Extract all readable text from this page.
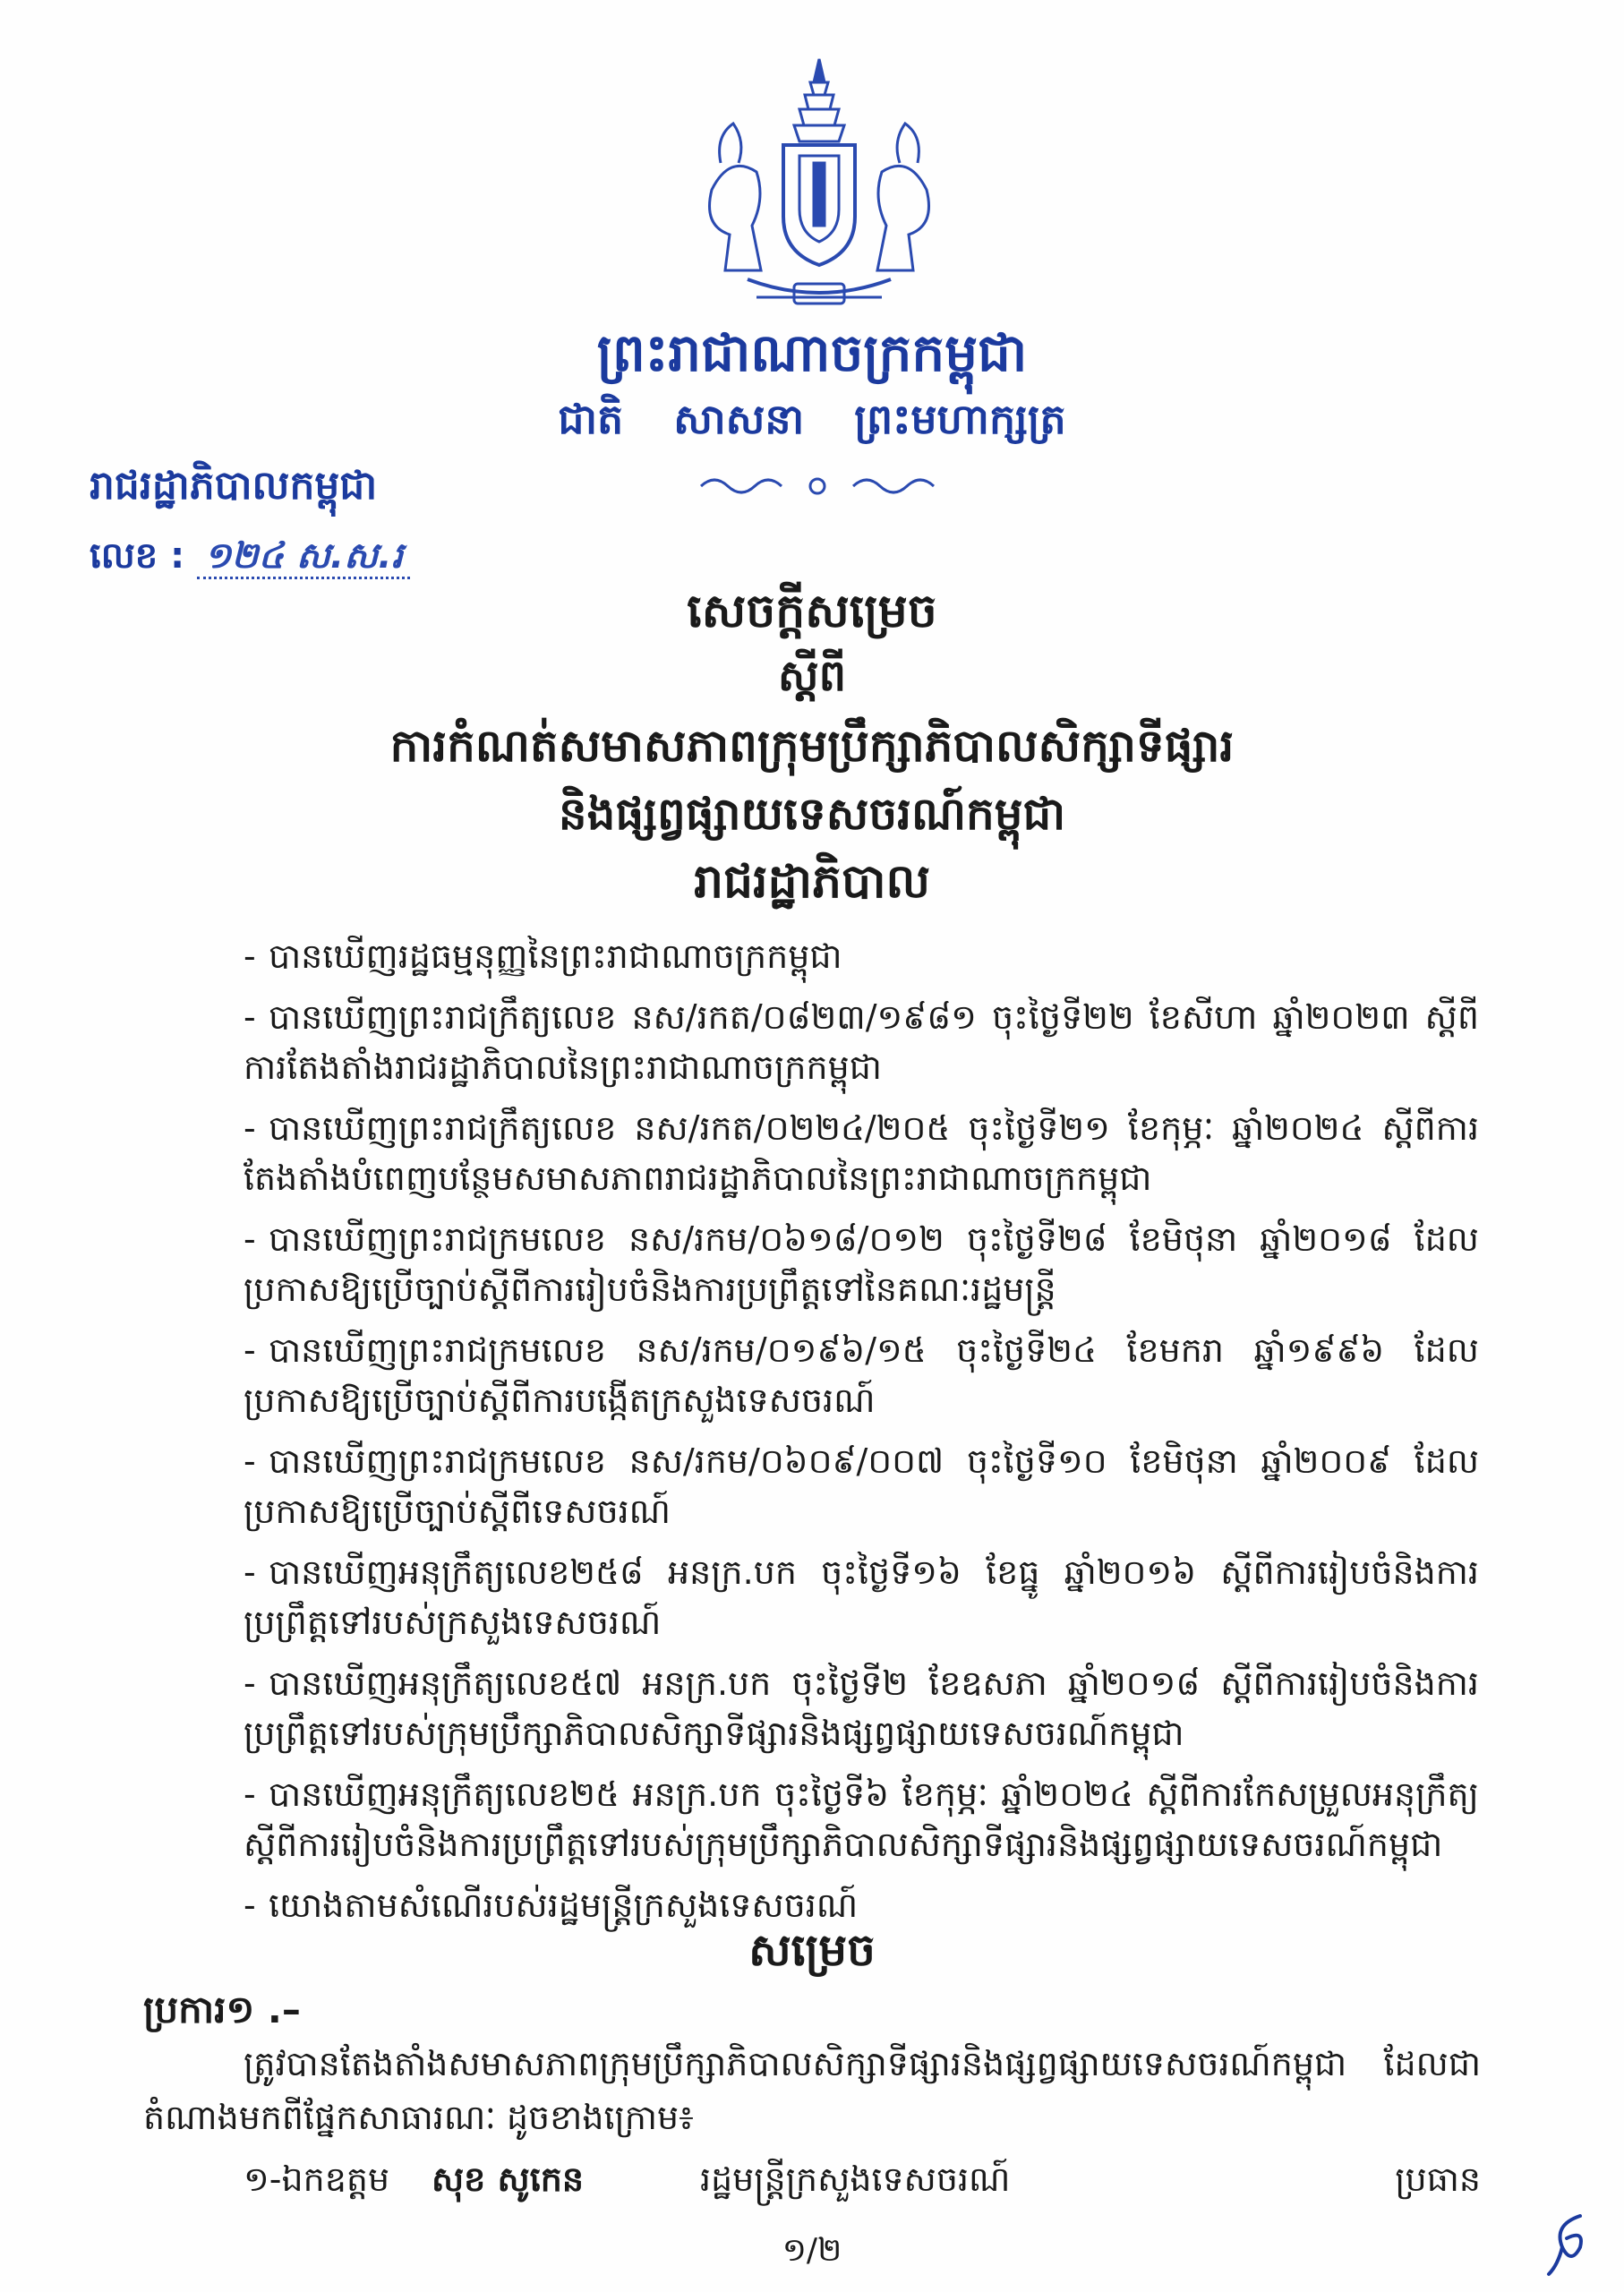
ព្រះរាជាណាចក្រកម្ពុជា
ជាតិ សាសនា ព្រះមហាក្សត្រ
រាជរដ្ឋាភិបាលកម្ពុជា
លេខ : ១២៤ ស.ស.រ
សេចក្តីសម្រេច
ស្តីពី
ការកំណត់សមាសភាពក្រុមប្រឹក្សាភិបាលសិក្សាទីផ្សារ
និងផ្សព្វផ្សាយទេសចរណ៍កម្ពុជា
រាជរដ្ឋាភិបាល
- បានឃើញរដ្ឋធម្មនុញ្ញនៃព្រះរាជាណាចក្រកម្ពុជា
- បានឃើញព្រះរាជក្រឹត្យលេខ នស/រកត/០៨២៣/១៩៨១ ចុះថ្ងៃទី២២ ខែសីហា ឆ្នាំ២០២៣ ស្តីពីការតែងតាំងរាជរដ្ឋាភិបាលនៃព្រះរាជាណាចក្រកម្ពុជា
- បានឃើញព្រះរាជក្រឹត្យលេខ នស/រកត/០២២៤/២០៥ ចុះថ្ងៃទី២១ ខែកុម្ភៈ ឆ្នាំ២០២៤ ស្តីពីការតែងតាំងបំពេញបន្ថែមសមាសភាពរាជរដ្ឋាភិបាលនៃព្រះរាជាណាចក្រកម្ពុជា
- បានឃើញព្រះរាជក្រមលេខ នស/រកម/០៦១៨/០១២ ចុះថ្ងៃទី២៨ ខែមិថុនា ឆ្នាំ២០១៨ ដែលប្រកាសឱ្យប្រើច្បាប់ស្តីពីការរៀបចំនិងការប្រព្រឹត្តទៅនៃគណៈរដ្ឋមន្ត្រី
- បានឃើញព្រះរាជក្រមលេខ នស/រកម/០១៩៦/១៥ ចុះថ្ងៃទី២៤ ខែមករា ឆ្នាំ១៩៩៦ ដែលប្រកាសឱ្យប្រើច្បាប់ស្តីពីការបង្កើតក្រសួងទេសចរណ៍
- បានឃើញព្រះរាជក្រមលេខ នស/រកម/០៦០៩/០០៧ ចុះថ្ងៃទី១០ ខែមិថុនា ឆ្នាំ២០០៩ ដែលប្រកាសឱ្យប្រើច្បាប់ស្តីពីទេសចរណ៍
- បានឃើញអនុក្រឹត្យលេខ២៥៨ អនក្រ.បក ចុះថ្ងៃទី១៦ ខែធ្នូ ឆ្នាំ២០១៦ ស្តីពីការរៀបចំនិងការប្រព្រឹត្តទៅរបស់ក្រសួងទេសចរណ៍
- បានឃើញអនុក្រឹត្យលេខ៥៧ អនក្រ.បក ចុះថ្ងៃទី២ ខែឧសភា ឆ្នាំ២០១៨ ស្តីពីការរៀបចំនិងការប្រព្រឹត្តទៅរបស់ក្រុមប្រឹក្សាភិបាលសិក្សាទីផ្សារនិងផ្សព្វផ្សាយទេសចរណ៍កម្ពុជា
- បានឃើញអនុក្រឹត្យលេខ២៥ អនក្រ.បក ចុះថ្ងៃទី៦ ខែកុម្ភៈ ឆ្នាំ២០២៤ ស្តីពីការកែសម្រួលអនុក្រឹត្យស្តីពីការរៀបចំនិងការប្រព្រឹត្តទៅរបស់ក្រុមប្រឹក្សាភិបាលសិក្សាទីផ្សារនិងផ្សព្វផ្សាយទេសចរណ៍កម្ពុជា
- យោងតាមសំណើរបស់រដ្ឋមន្ត្រីក្រសួងទេសចរណ៍
សម្រេច
ប្រការ១ .–
ត្រូវបានតែងតាំងសមាសភាពក្រុមប្រឹក្សាភិបាលសិក្សាទីផ្សារនិងផ្សព្វផ្សាយទេសចរណ៍កម្ពុជា ដែលជាតំណាងមកពីផ្នែកសាធារណៈ ដូចខាងក្រោម៖
១-ឯកឧត្តម សុខ សូកេន	រដ្ឋមន្ត្រីក្រសួងទេសចរណ៍	ប្រធាន
១/២
